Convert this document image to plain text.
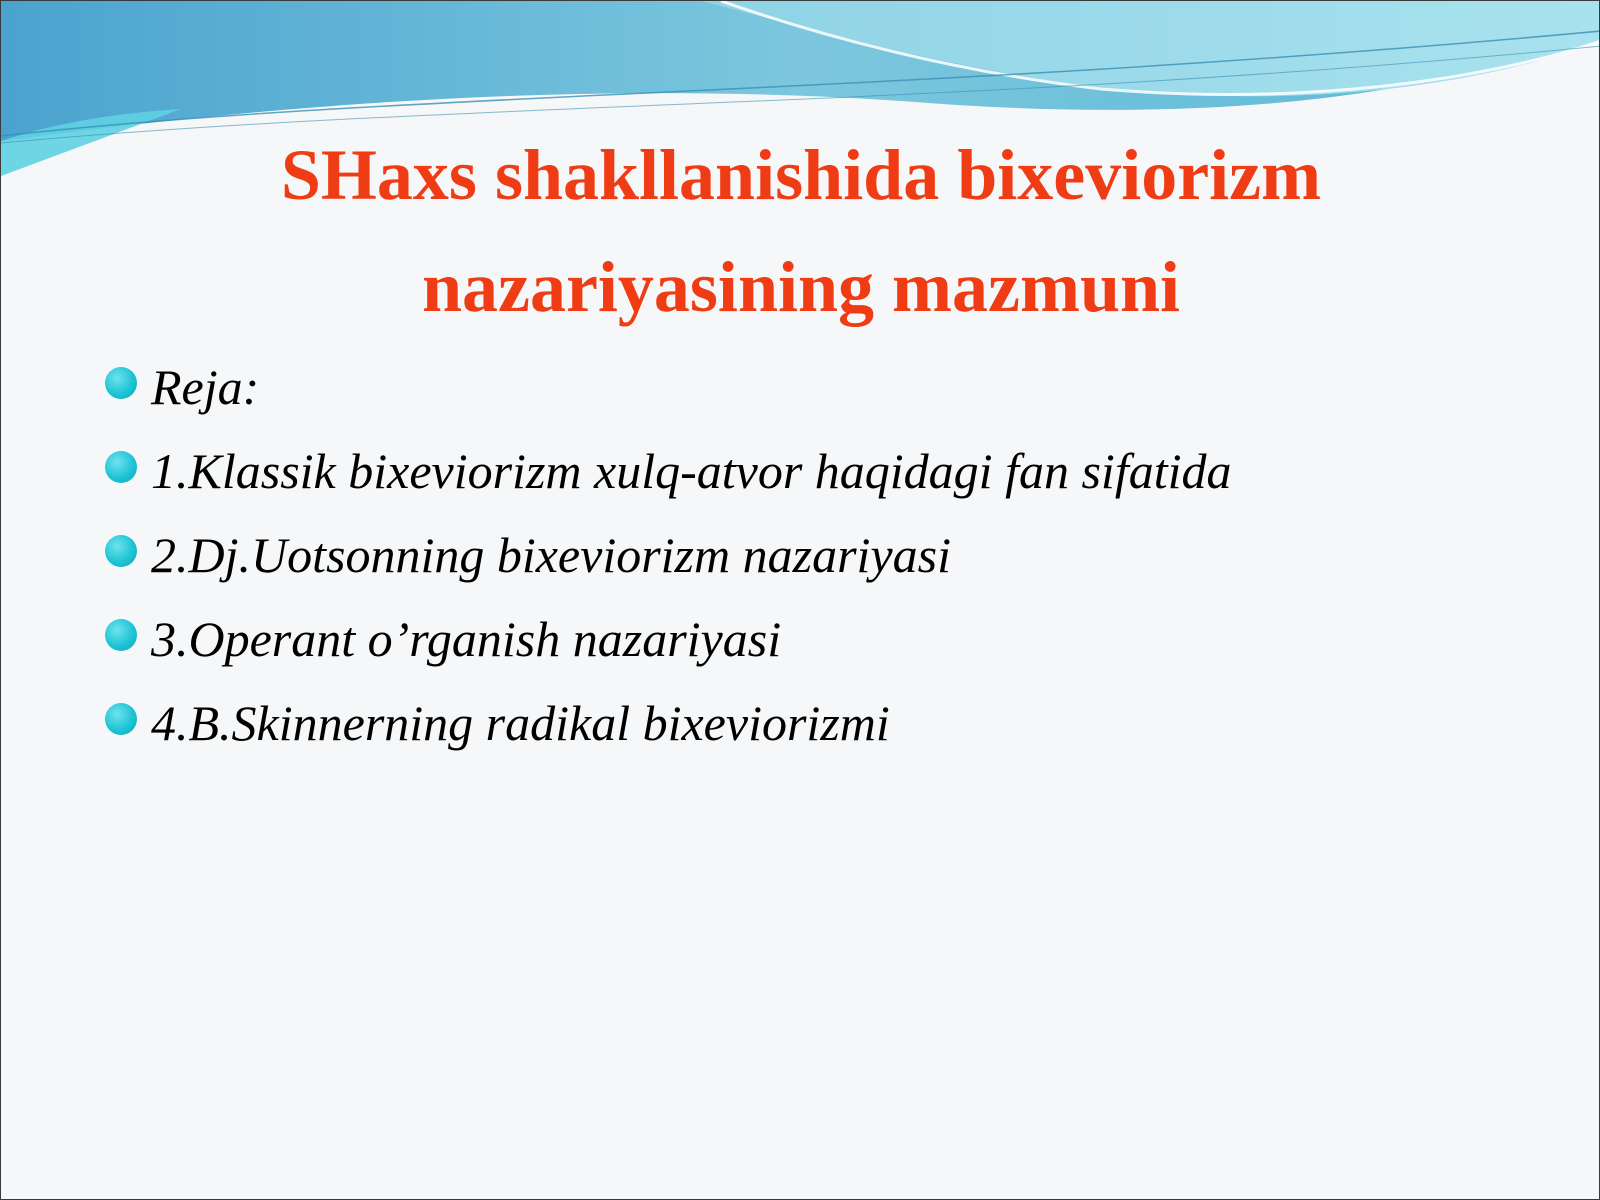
SHaxs shakllanishida bixeviorizm
nazariyasining mazmuni
Reja:
1.Klassik bixeviorizm xulq-atvor haqidagi fan sifatida
2.Dj.Uotsonning bixeviorizm nazariyasi
3.Operant o’rganish nazariyasi
4.B.Skinnerning radikal bixeviorizmi
